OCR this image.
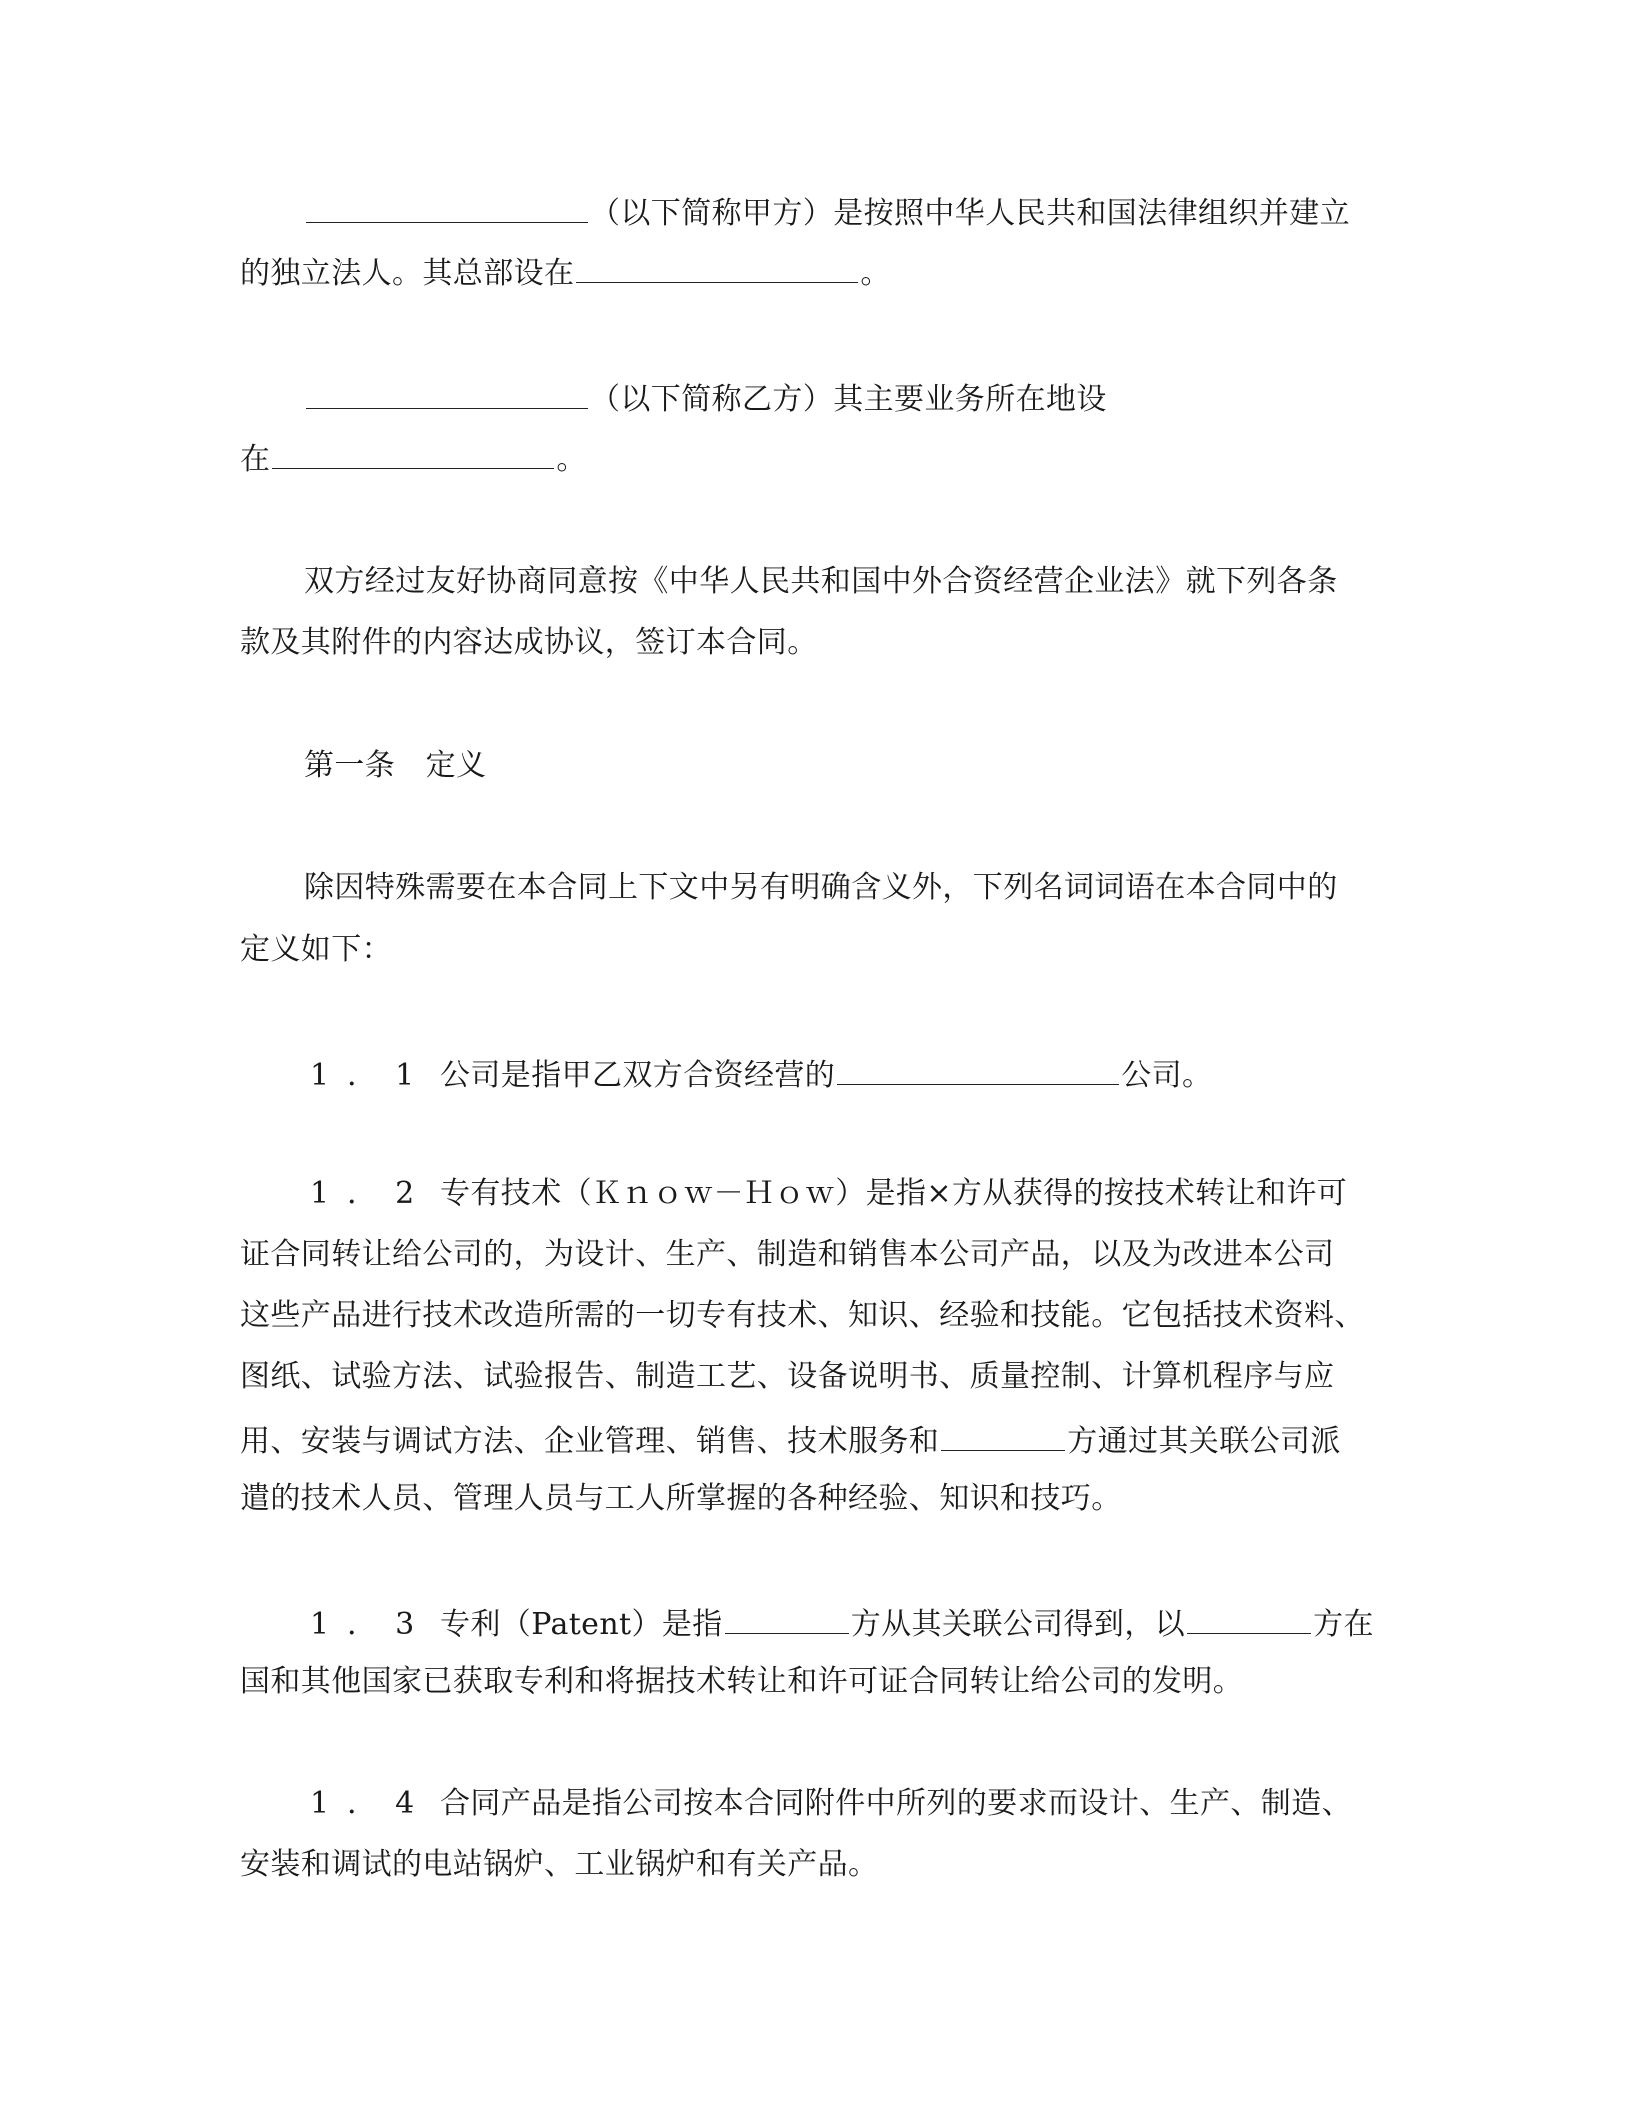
（以下简称甲方）是按照中华人民共和国法律组织并建立
的独立法人。其总部设在	。
（以下简称乙方）其主要业务所在地设
在	。
双方经过友好协商同意按《中华人民共和国中外合资经营企业法》就下列各条
款及其附件的内容达成协议，签订本合同。
第一条　定义
除因特殊需要在本合同上下文中另有明确含义外，下列名词词语在本合同中的
定义如下：
1．1 公司是指甲乙双方合资经营的	公司。
1．2 专有技术（Ｋｎｏｗ－Ｈｏｗ）是指×方从获得的按技术转让和许可
证合同转让给公司的，为设计、生产、制造和销售本公司产品，以及为改进本公司
这些产品进行技术改造所需的一切专有技术、知识、经验和技能。它包括技术资料、
图纸、试验方法、试验报告、制造工艺、设备说明书、质量控制、计算机程序与应
用、安装与调试方法、企业管理、销售、技术服务和	方通过其关联公司派
遣的技术人员、管理人员与工人所掌握的各种经验、知识和技巧。
1．3 专利（Patent）是指	方从其关联公司得到，以	方在
国和其他国家已获取专利和将据技术转让和许可证合同转让给公司的发明。
1．4 合同产品是指公司按本合同附件中所列的要求而设计、生产、制造、
安装和调试的电站锅炉、工业锅炉和有关产品。
